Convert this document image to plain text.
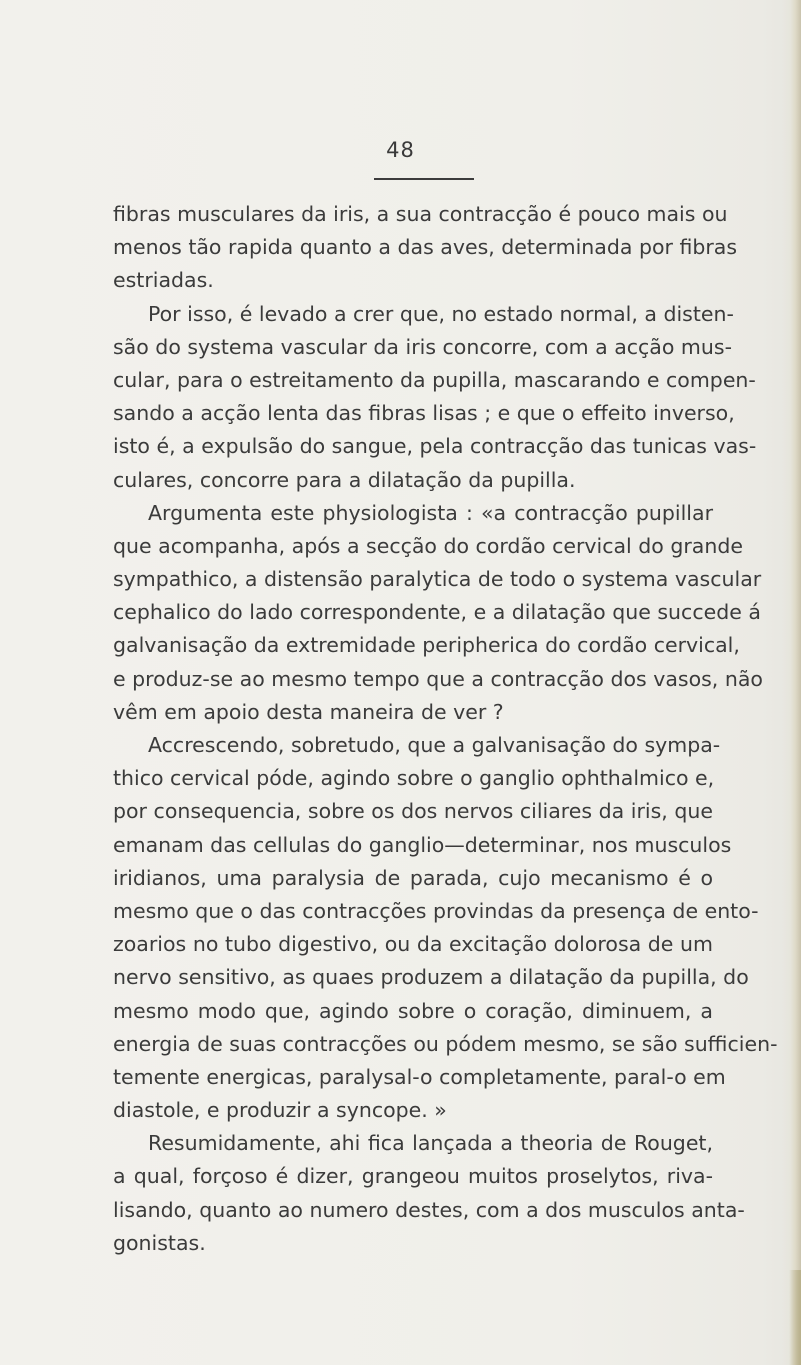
48
fibras musculares da iris, a sua contracção é pouco mais ou
menos tão rapida quanto a das aves, determinada por fibras
estriadas.
Por isso, é levado a crer que, no estado normal, a disten-
são do systema vascular da iris concorre, com a acção mus-
cular, para o estreitamento da pupilla, mascarando e compen-
sando a acção lenta das fibras lisas ; e que o effeito inverso,
isto é, a expulsão do sangue, pela contracção das tunicas vas-
culares, concorre para a dilatação da pupilla.
Argumenta este physiologista : «a contracção pupillar
que acompanha, após a secção do cordão cervical do grande
sympathico, a distensão paralytica de todo o systema vascular
cephalico do lado correspondente, e a dilatação que succede á
galvanisação da extremidade peripherica do cordão cervical,
e produz-se ao mesmo tempo que a contracção dos vasos, não
vêm em apoio desta maneira de ver ?
Accrescendo, sobretudo, que a galvanisação do sympa-
thico cervical póde, agindo sobre o ganglio ophthalmico e,
por consequencia, sobre os dos nervos ciliares da iris, que
emanam das cellulas do ganglio—determinar, nos musculos
iridianos, uma paralysia de parada, cujo mecanismo é o
mesmo que o das contracções provindas da presença de ento-
zoarios no tubo digestivo, ou da excitação dolorosa de um
nervo sensitivo, as quaes produzem a dilatação da pupilla, do
mesmo modo que, agindo sobre o coração, diminuem, a
energia de suas contracções ou pódem mesmo, se são sufficien-
temente energicas, paralysal-o completamente, paral-o em
diastole, e produzir a syncope. »
Resumidamente, ahi fica lançada a theoria de Rouget,
a qual, forçoso é dizer, grangeou muitos proselytos, riva-
lisando, quanto ao numero destes, com a dos musculos anta-
gonistas.
